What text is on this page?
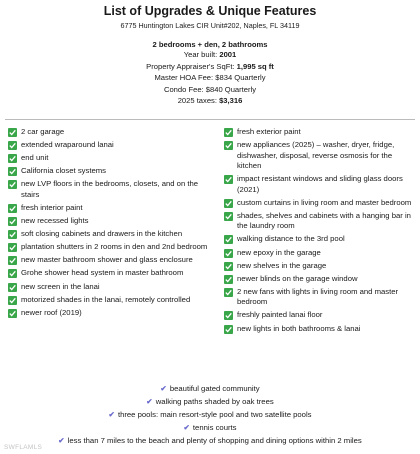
List of Upgrades & Unique Features
6775 Huntington Lakes CIR Unit#202, Naples, FL 34119
2 bedrooms + den, 2 bathrooms
Year built: 2001
Property Appraiser's SqFt: 1,995 sq ft
Master HOA Fee: $834 Quarterly
Condo Fee: $840 Quarterly
2025 taxes: $3,316
2 car garage
extended wraparound lanai
end unit
California closet systems
new LVP floors in the bedrooms, closets, and on the stairs
fresh interior paint
new recessed lights
soft closing cabinets and drawers in the kitchen
plantation shutters in 2 rooms in den and 2nd bedroom
new master bathroom shower and glass enclosure
Grohe shower head system in master bathroom
new screen in the lanai
motorized shades in the lanai, remotely controlled
newer roof (2019)
fresh exterior paint
new appliances (2025) – washer, dryer, fridge, dishwasher, disposal, reverse osmosis for the kitchen
impact resistant windows and sliding glass doors (2021)
custom curtains in living room and master bedroom
shades, shelves and cabinets with a hanging bar in the laundry room
walking distance to the 3rd pool
new epoxy in the garage
new shelves in the garage
newer blinds on the garage window
2 new fans with lights in living room and master bedroom
freshly painted lanai floor
new lights in both bathrooms & lanai
✔ beautiful gated community
✔ walking paths shaded by oak trees
✔ three pools: main resort-style pool and two satellite pools
✔ tennis courts
✔ less than 7 miles to the beach and plenty of shopping and dining options within 2 miles
SWFLAMLS
